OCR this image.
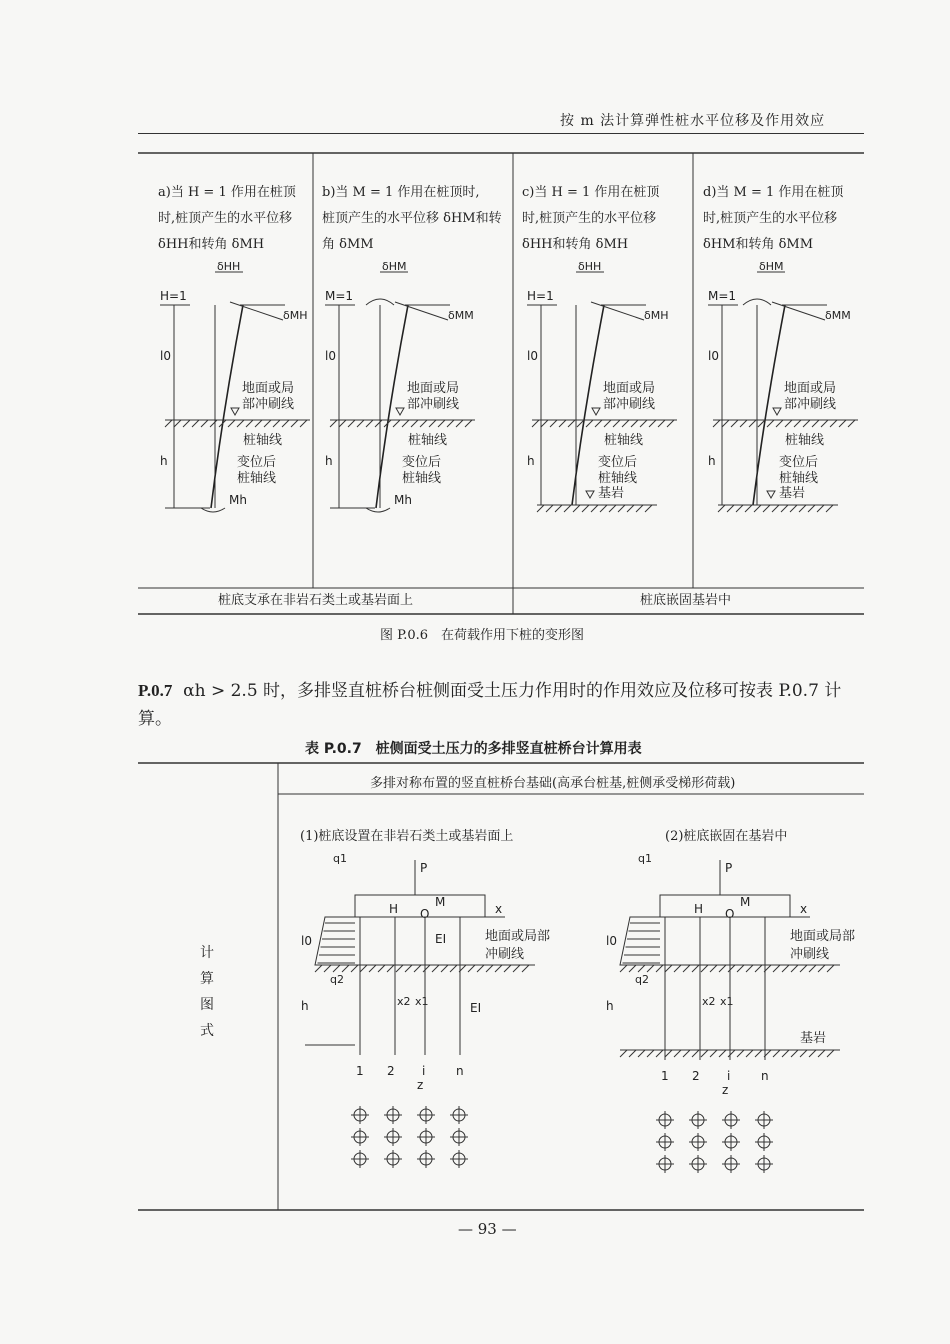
按 m 法计算弹性桩水平位移及作用效应
a)当 H = 1 作用在桩顶
时,桩顶产生的水平位移
δHH和转角 δMH
b)当 M = 1 作用在桩顶时,
桩顶产生的水平位移 δHM和转
角 δMM
c)当 H = 1 作用在桩顶
时,桩顶产生的水平位移
δHH和转角 δMH
d)当 M = 1 作用在桩顶
时,桩顶产生的水平位移
δHM和转角 δMM
H=1
l0
h
δHH
δMH
地面或局
部冲刷线
桩轴线
变位后
桩轴线
Mh
M=1
l0
h
δHM
δMM
地面或局
部冲刷线
桩轴线
变位后
桩轴线
Mh
H=1
l0
h
δHH
δMH
地面或局
部冲刷线
桩轴线
变位后
桩轴线
基岩
M=1
l0
h
δHM
δMM
地面或局
部冲刷线
桩轴线
变位后
桩轴线
基岩
桩底支承在非岩石类土或基岩面上	桩底嵌固基岩中
图 P.0.6　在荷载作用下桩的变形图
P.0.7 αh > 2.5 时，多排竖直桩桥台桩侧面受土压力作用时的作用效应及位移可按表 P.0.7 计算。
表 P.0.7　桩侧面受土压力的多排竖直桩桥台计算用表
多排对称布置的竖直桩桥台基础(高承台桩基,桩侧承受梯形荷载)
计
算
图
式
(1)桩底设置在非岩石类土或基岩面上	(2)桩底嵌固在基岩中
q1
P
H O
M	x
q2
l0
h
地面或局部
冲刷线
1 2 i	n
z
x2 x1
EI
EI
q1
P
H O
M	x
q2
l0
h
地面或局部
冲刷线
1 2 i	n
z
x2 x1
基岩
— 93 —
